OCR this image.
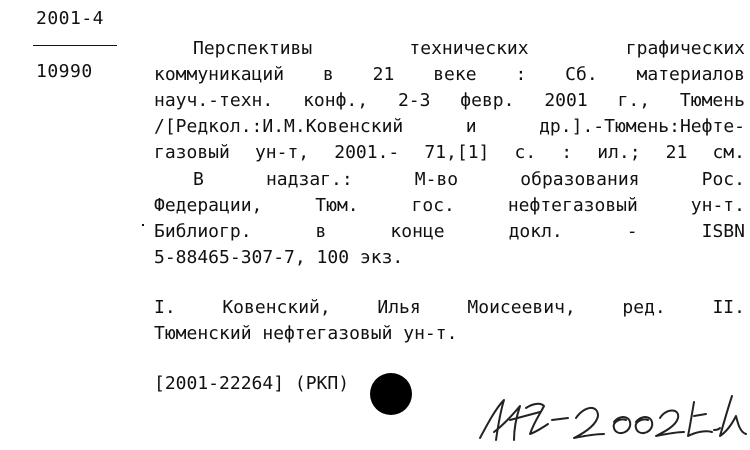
2001-4
10990
Перспективы	технических	графических
коммуникаций в 21 веке : Сб. материалов
науч.-техн. конф., 2-3 февр. 2001 г., Тюмень
/[Редкол.:И.М.Ковенский	и	др.].-Тюмень:Нефте-
газовый ун-т, 2001.- 71,[1] с. : ил.; 21 см.
В	надзаг.:	М-во	образования	Рос.
Федерации,	Тюм.	гос.	нефтегазовый	ун-т.
Библиогр.	в	конце	докл.	-	ISBN
5-88465-307-7, 100 экз.
I.	Ковенский,	Илья	Моисеевич,	ред.	II.
Тюменский нефтегазовый ун-т.
[2001-22264] (РКП)
